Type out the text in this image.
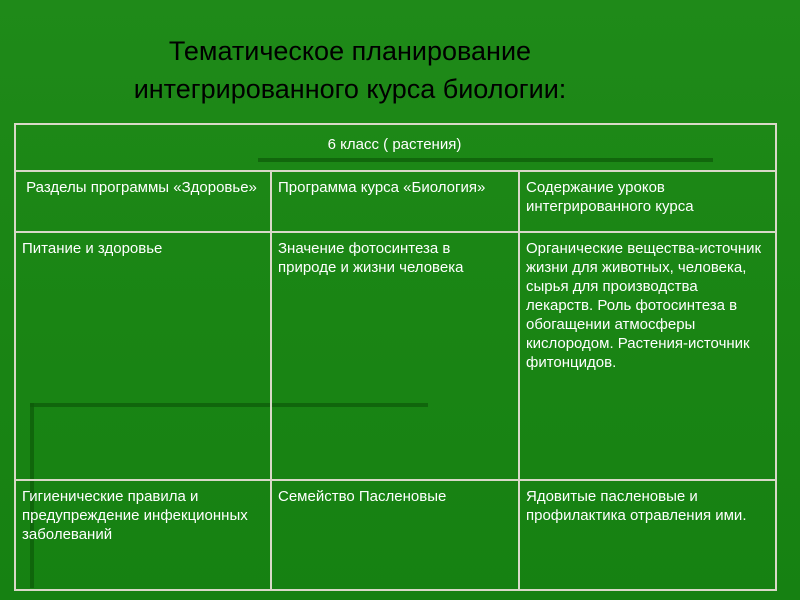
Тематическое планирование
интегрированного курса биологии:
6 класс ( растения)		
Разделы программы «Здоровье»	Программа курса «Биология»	Содержание уроков интегрированного курса
Питание и здоровье	Значение фотосинтеза в природе и жизни человека	Органические вещества-источник жизни для животных, человека, сырья для производства лекарств. Роль фотосинтеза в обогащении атмосферы кислородом. Растения-источник фитонцидов.
Гигиенические правила и предупреждение инфекционных заболеваний	Семейство Пасленовые	Ядовитые пасленовые и профилактика отравления ими.
